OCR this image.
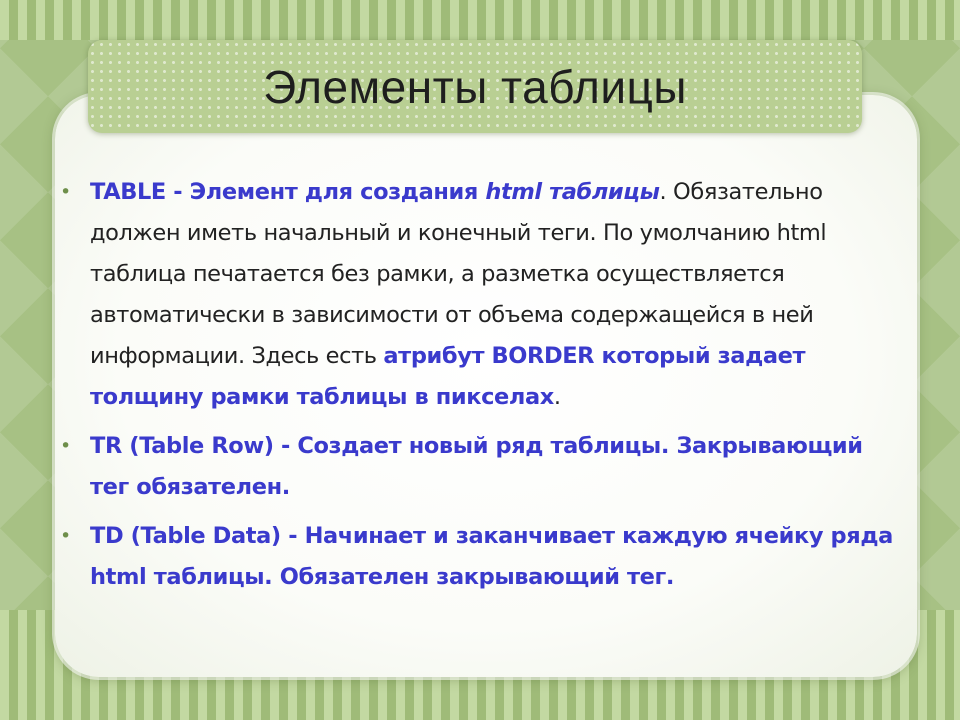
Элементы таблицы
• TABLE - Элемент для создания html таблицы. Обязательно должен иметь начальный и конечный теги. По умолчанию html таблица печатается без рамки, а разметка осуществляется автоматически в зависимости от объема содержащейся в ней информации. Здесь есть атрибут BORDER который задает толщину рамки таблицы в пикселах.
• TR (Table Row) - Создает новый ряд таблицы. Закрывающий тег обязателен.
• TD (Table Data) - Начинает и заканчивает каждую ячейку ряда html таблицы. Обязателен закрывающий тег.
